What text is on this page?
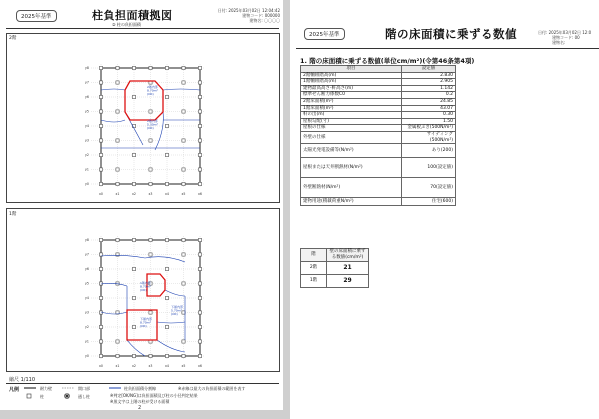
2025年基準	柱負担面積拠図
② 柱の負担面積
日付: 2025年03月02日 12:04:42
建物コード: 000000
建物名: 〇〇〇〇
2階
1階
x0	x1	x2	x3	x4	x5	x6
y8
y7
y6
y5
y4
y3
y2
y1
y0
2階内部 8.70m² (OK)
2階内部 5.30m² (OK)
x0	x1	x2	x3	x4	x5	x6
y8
y7
y6
y5
y4
y3
y2
y1
y0
1階内部 8.70m² (OK)
下屋内部 8.70m² (OK)
下屋内部 5.70m² (OK)
縮尺 1/110
凡例	耐力壁	開口部
柱	通し柱
柱負担面積分割線	※赤線は最大の負担面積の範囲を表す
※判定[OK/NG]は負担面積及び柱の小径判定結果
※黒文字は上階の柱が受ける面積
2
2025年基準	階の床面積に乗ずる数値	日付: 2025年03月02日 12:0
建物コード: 00
建物名:
1. 階の床面積に乗ずる数値(単位cm/m²)(令第46条第4項)
項目	設定値
2階軸組階高(m)	2.830
1階軸組階高(m)	2.905
建物最高高さ-軒高さ(m)	1.142
標準せん断力係数C0	0.2
2階床面積(m²)	24.85
1階床面積(m²)	43.07
軒の出(m)	0.30
屋根勾配(寸)	1.50
屋根の仕様	金属板ぶき(500N/m²)
外壁の仕様	サイディング(500N/m²)
太陽光発電設備等(N/m²)	あり(200)
屋根または天井断熱材(N/m²)	100(設定値)
外壁断熱材(N/m²)	70(設定値)
建物用途(積載荷重N/m²)	住宅(600)
階	壁の床面積に乗ずる数値(cm/m²)
2階	21
1階	29
